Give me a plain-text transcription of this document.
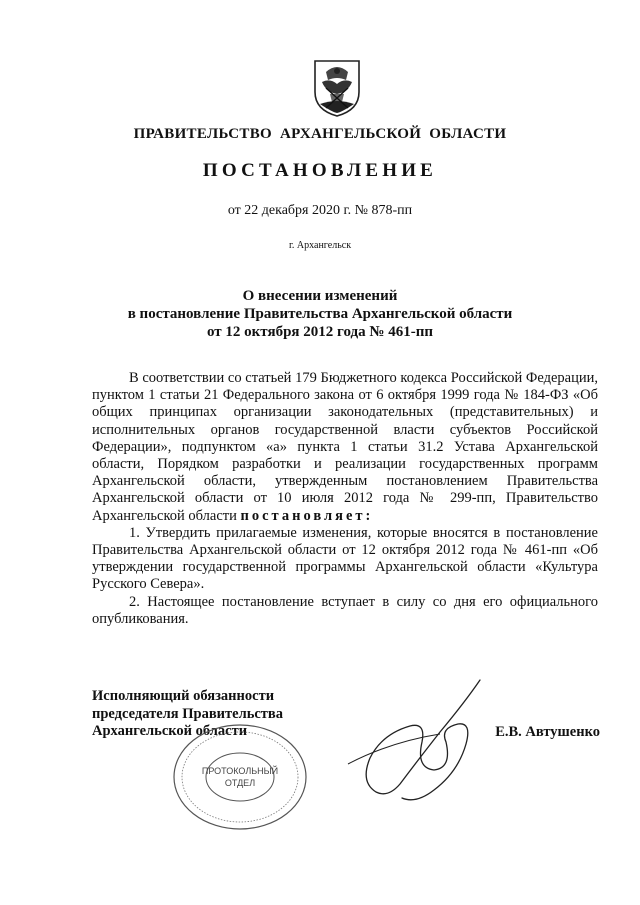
ПРАВИТЕЛЬСТВО АРХАНГЕЛЬСКОЙ ОБЛАСТИ
ПОСТАНОВЛЕНИЕ
от 22 декабря 2020 г. № 878-пп
г. Архангельск
О внесении изменений
в постановление Правительства Архангельской области
от 12 октября 2012 года № 461-пп

В соответствии со статьей 179 Бюджетного кодекса Российской Федерации, пунктом 1 статьи 21 Федерального закона от 6 октября 1999 года № 184-ФЗ «Об общих принципах организации законодательных (представительных) и исполнительных органов государственной власти субъектов Российской Федерации», подпунктом «а» пункта 1 статьи 31.2 Устава Архангельской области, Порядком разработки и реализации государственных программ Архангельской области, утвержденным постановлением Правительства Архангельской области от 10 июля 2012 года № 299-пп, Правительство Архангельской области постановляет:

1. Утвердить прилагаемые изменения, которые вносятся в постановление Правительства Архангельской области от 12 октября 2012 года № 461-пп «Об утверждении государственной программы Архангельской области «Культура Русского Севера».

2. Настоящее постановление вступает в силу со дня его официального опубликования.

Исполняющий обязанности
председателя Правительства
Архангельской области	Е.В. Автушенко
ПРОТОКОЛЬНЫЙ
ОТДЕЛ
